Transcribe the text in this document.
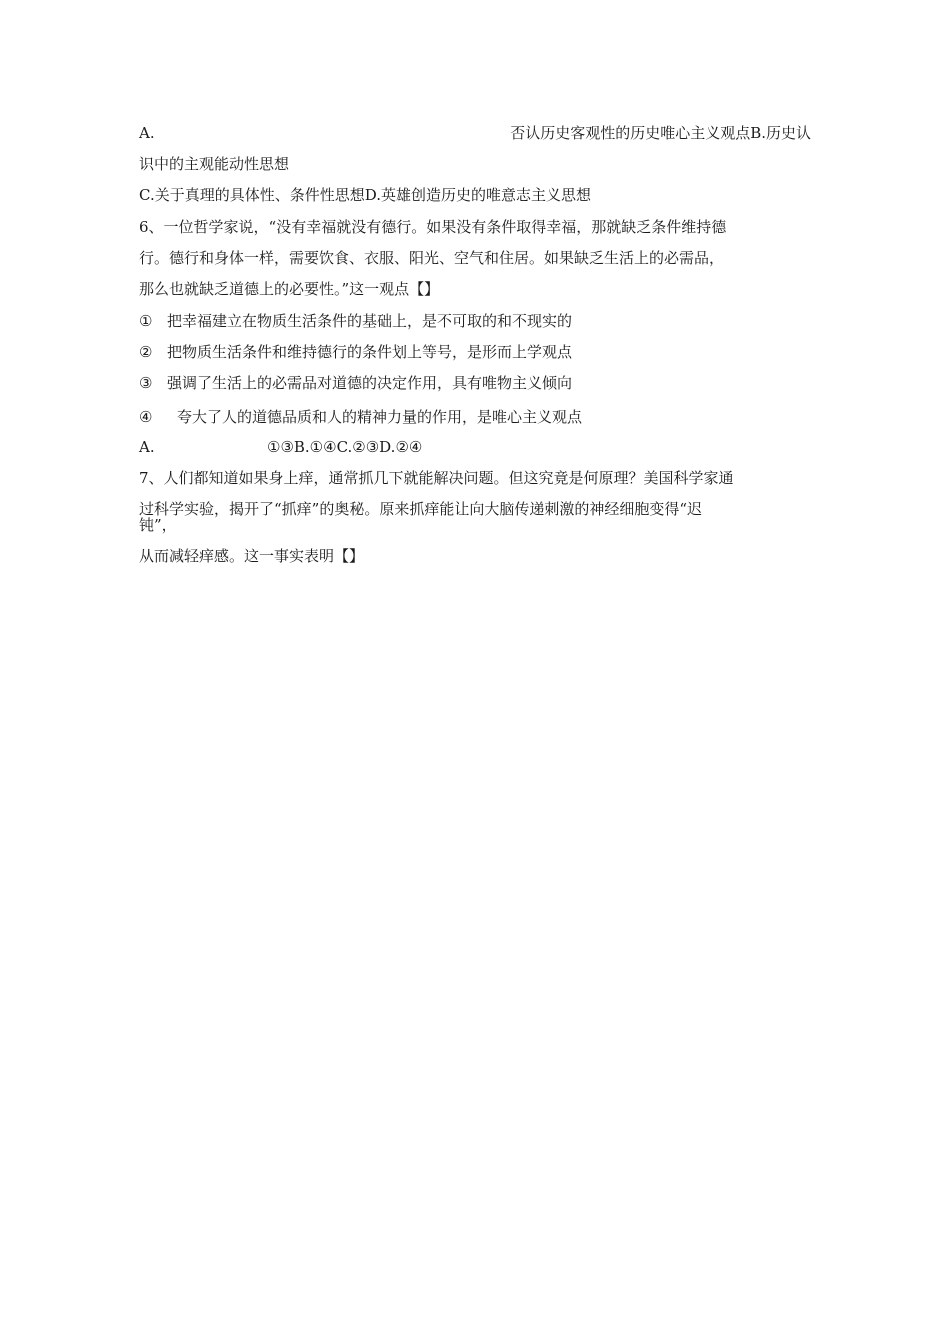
A.	否认历史客观性的历史唯心主义观点B.历史认
识中的主观能动性思想
C.关于真理的具体性、条件性思想D.英雄创造历史的唯意志主义思想
6、一位哲学家说，“没有幸福就没有德行。如果没有条件取得幸福，那就缺乏条件维持德
行。德行和身体一样，需要饮食、衣服、阳光、空气和住居。如果缺乏生活上的必需品，
那么也就缺乏道德上的必要性。”这一观点【】
① 把幸福建立在物质生活条件的基础上，是不可取的和不现实的
② 把物质生活条件和维持德行的条件划上等号，是形而上学观点
③ 强调了生活上的必需品对道德的决定作用，具有唯物主义倾向
④ 夸大了人的道德品质和人的精神力量的作用，是唯心主义观点
A.	①③B.①④C.②③D.②④
7、人们都知道如果身上痒，通常抓几下就能解决问题。但这究竟是何原理？美国科学家通
过科学实验，揭开了“抓痒”的奥秘。原来抓痒能让向大脑传递刺激的神经细胞变得“迟
钝”，
从而减轻痒感。这一事实表明【】
